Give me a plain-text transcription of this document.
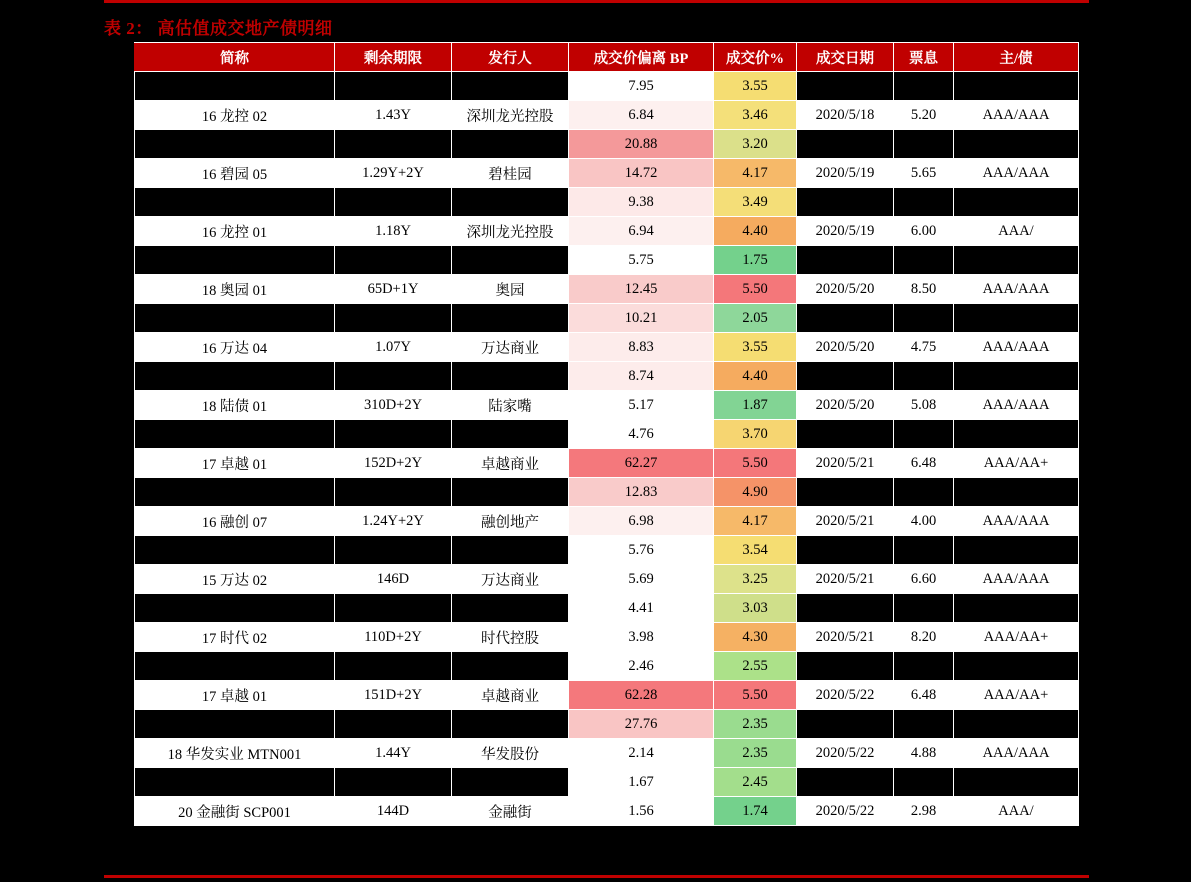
表 2： 高估值成交地产债明细
简称	剩余期限	发行人	成交价偏离 BP	成交价%	成交日期	票息	主/债
			7.95	3.55			
16 龙控 02	1.43Y	深圳龙光控股	6.84	3.46	2020/5/18	5.20	AAA/AAA
			20.88	3.20			
16 碧园 05	1.29Y+2Y	碧桂园	14.72	4.17	2020/5/19	5.65	AAA/AAA
			9.38	3.49			
16 龙控 01	1.18Y	深圳龙光控股	6.94	4.40	2020/5/19	6.00	AAA/
			5.75	1.75			
18 奥园 01	65D+1Y	奥园	12.45	5.50	2020/5/20	8.50	AAA/AAA
			10.21	2.05			
16 万达 04	1.07Y	万达商业	8.83	3.55	2020/5/20	4.75	AAA/AAA
			8.74	4.40			
18 陆债 01	310D+2Y	陆家嘴	5.17	1.87	2020/5/20	5.08	AAA/AAA
			4.76	3.70			
17 卓越 01	152D+2Y	卓越商业	62.27	5.50	2020/5/21	6.48	AAA/AA+
			12.83	4.90			
16 融创 07	1.24Y+2Y	融创地产	6.98	4.17	2020/5/21	4.00	AAA/AAA
			5.76	3.54			
15 万达 02	146D	万达商业	5.69	3.25	2020/5/21	6.60	AAA/AAA
			4.41	3.03			
17 时代 02	110D+2Y	时代控股	3.98	4.30	2020/5/21	8.20	AAA/AA+
			2.46	2.55			
17 卓越 01	151D+2Y	卓越商业	62.28	5.50	2020/5/22	6.48	AAA/AA+
			27.76	2.35			
18 华发实业 MTN001	1.44Y	华发股份	2.14	2.35	2020/5/22	4.88	AAA/AAA
			1.67	2.45			
20 金融街 SCP001	144D	金融街	1.56	1.74	2020/5/22	2.98	AAA/
